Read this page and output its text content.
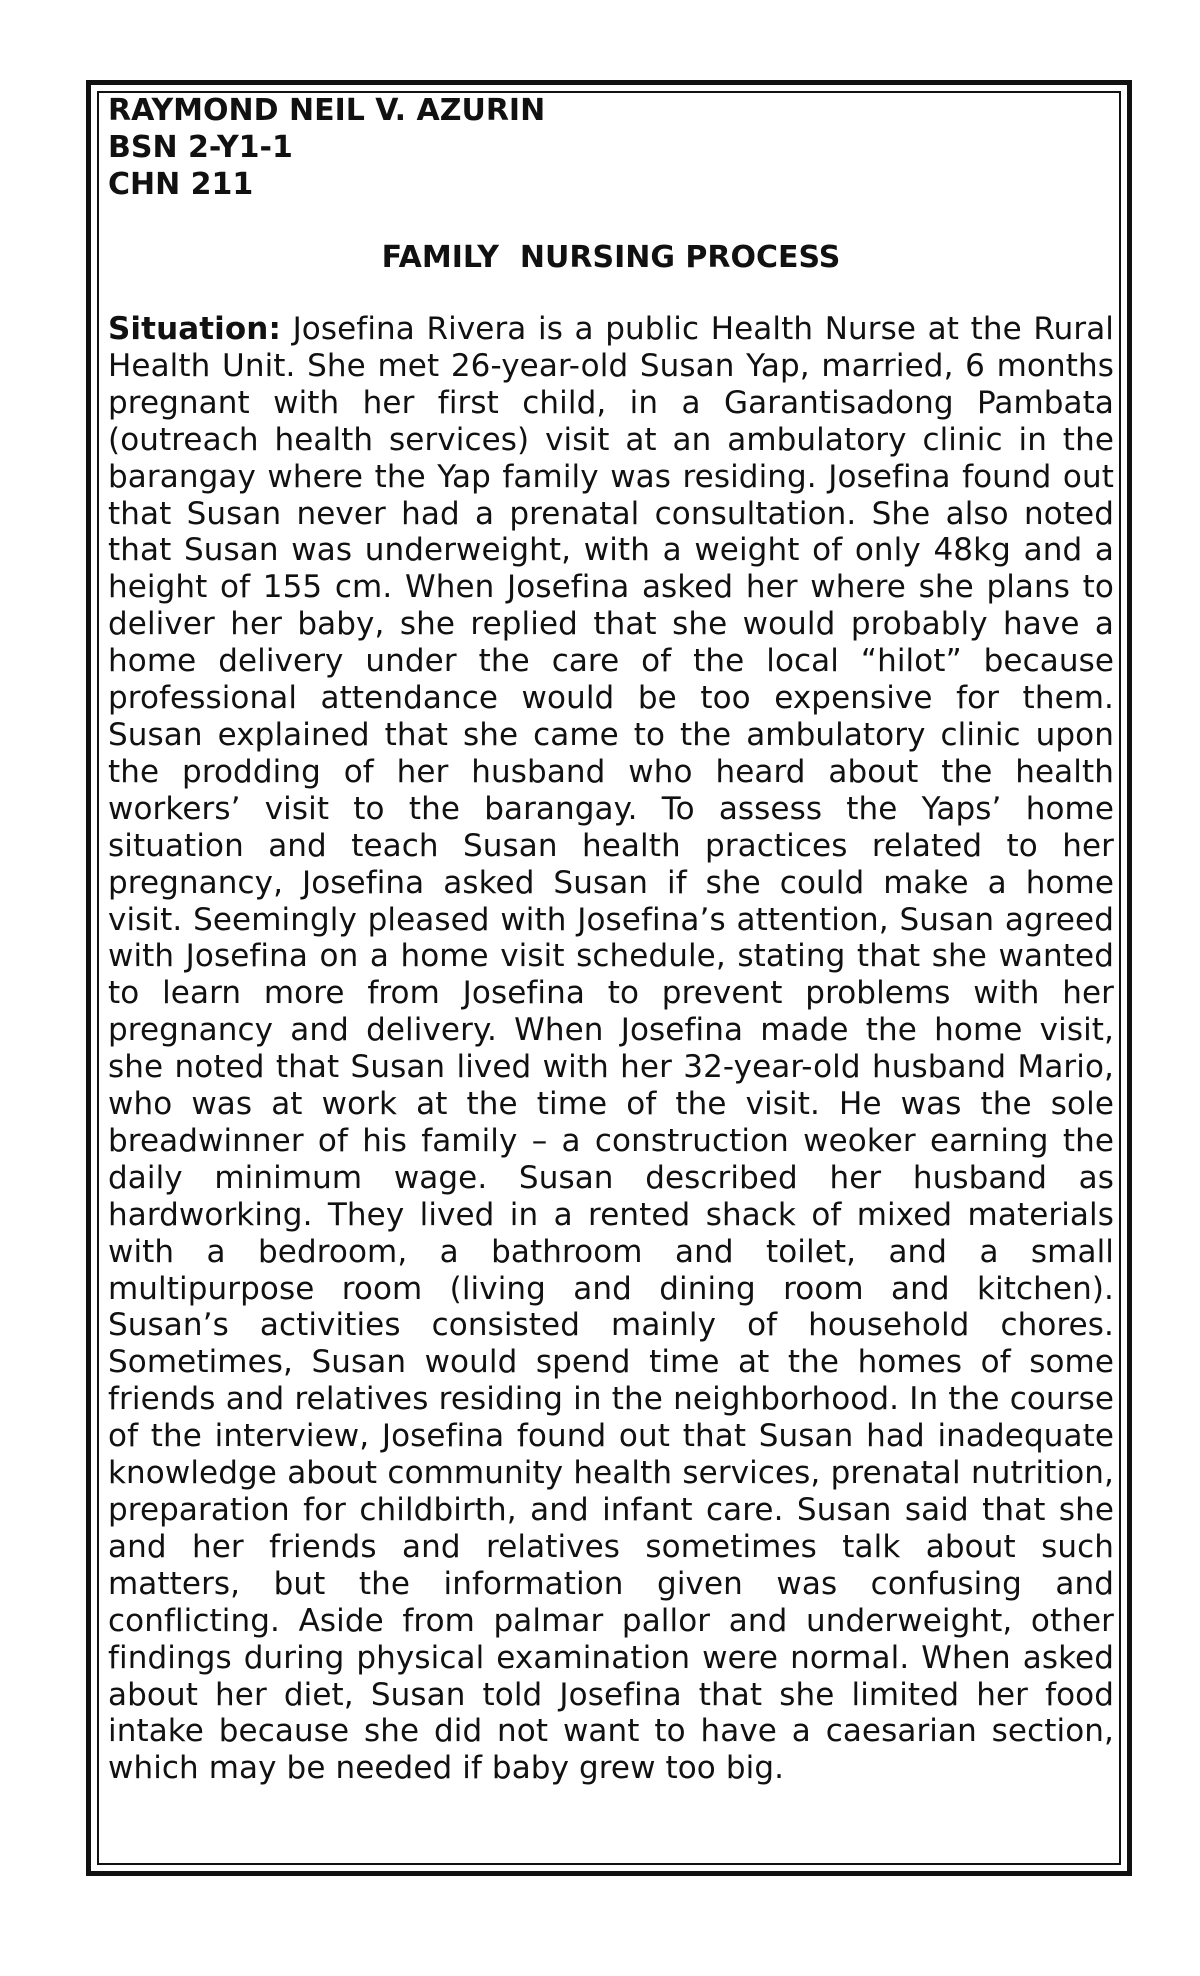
RAYMOND NEIL V. AZURIN

BSN 2-Y1-1

CHN 211

FAMILY  NURSING PROCESS

Situation: Josefina Rivera is a public Health Nurse at the Rural Health Unit. She met 26-year-old Susan Yap, married, 6 months pregnant with her first child, in a Garantisadong Pambata (outreach health services) visit at an ambulatory clinic in the barangay where the Yap family was residing. Josefina found out that Susan never had a prenatal consultation. She also noted that Susan was underweight, with a weight of only 48kg and a height of 155 cm. When Josefina asked her where she plans to deliver her baby, she replied that she would probably have a home delivery under the care of the local “hilot” because professional attendance would be too expensive for them. Susan explained that she came to the ambulatory clinic upon the prodding of her husband who heard about the health workers’ visit to the barangay. To assess the Yaps’ home situation and teach Susan health practices related to her pregnancy, Josefina asked Susan if she could make a home visit. Seemingly pleased with Josefina’s attention, Susan agreed with Josefina on a home visit schedule, stating that she wanted to learn more from Josefina to prevent problems with her pregnancy and delivery. When Josefina made the home visit, she noted that Susan lived with her 32-year-old husband Mario, who was at work at the time of the visit. He was the sole breadwinner of his family – a construction weoker earning the daily minimum wage. Susan described her husband as hardworking. They lived in a rented shack of mixed materials with a bedroom, a bathroom and toilet, and a small multipurpose room (living and dining room and kitchen). Susan’s activities consisted mainly of household chores. Sometimes, Susan would spend time at the homes of some friends and relatives residing in the neighborhood. In the course of the interview, Josefina found out that Susan had inadequate knowledge about community health services, prenatal nutrition, preparation for childbirth, and infant care. Susan said that she and her friends and relatives sometimes talk about such matters, but the information given was confusing and conflicting. Aside from palmar pallor and underweight, other findings during physical examination were normal. When asked about her diet, Susan told Josefina that she limited her food intake because she did not want to have a caesarian section, which may be needed if baby grew too big.
